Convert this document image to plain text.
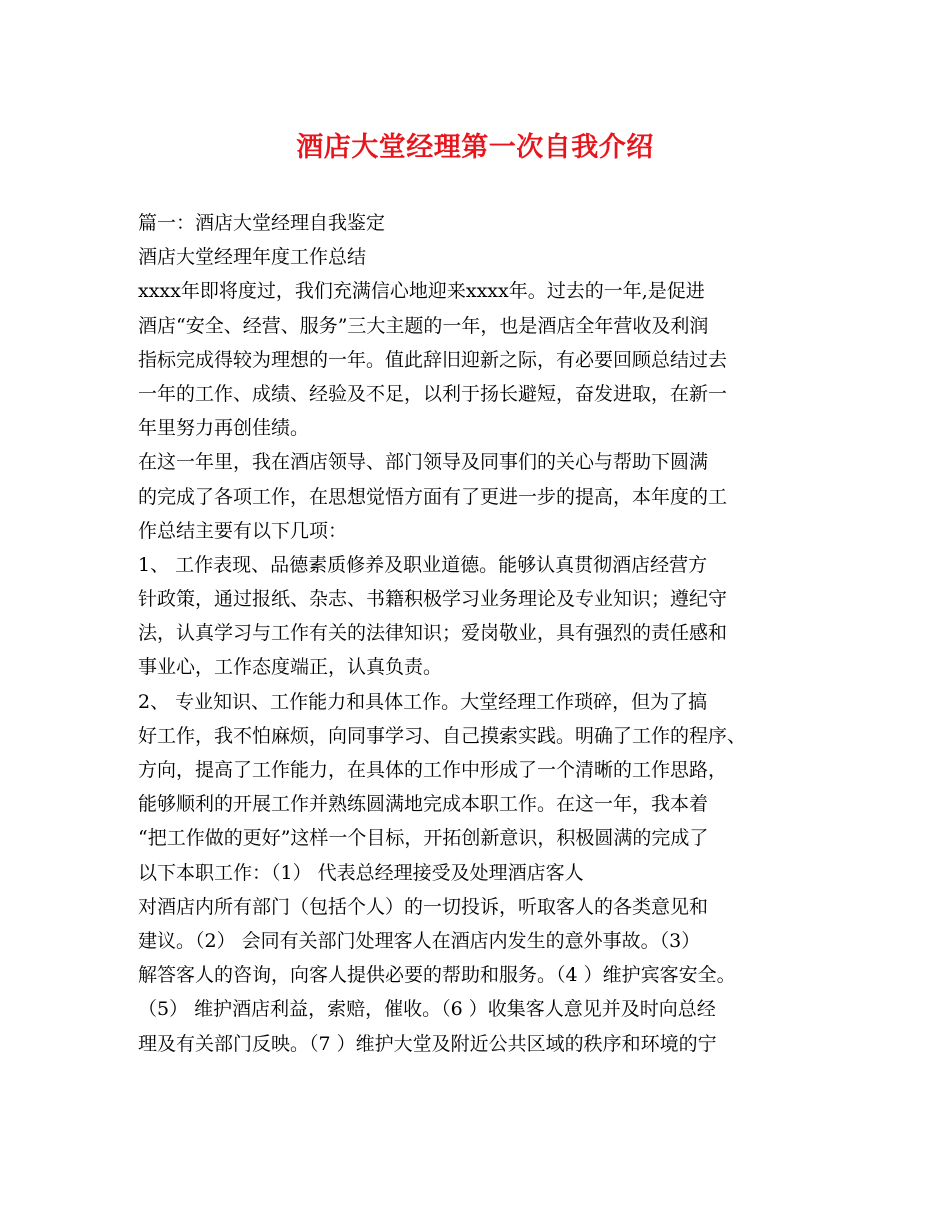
酒店大堂经理第一次自我介绍
篇一：酒店大堂经理自我鉴定
酒店大堂经理年度工作总结
xxxx年即将度过，我们充满信心地迎来xxxx年。过去的一年,是促进
酒店“安全、经营、服务”三大主题的一年，也是酒店全年营收及利润
指标完成得较为理想的一年。值此辞旧迎新之际，有必要回顾总结过去
一年的工作、成绩、经验及不足，以利于扬长避短，奋发进取，在新一
年里努力再创佳绩。
在这一年里，我在酒店领导、部门领导及同事们的关心与帮助下圆满
的完成了各项工作，在思想觉悟方面有了更进一步的提高，本年度的工
作总结主要有以下几项：
1、 工作表现、品德素质修养及职业道德。能够认真贯彻酒店经营方
针政策，通过报纸、杂志、书籍积极学习业务理论及专业知识；遵纪守
法，认真学习与工作有关的法律知识；爱岗敬业，具有强烈的责任感和
事业心，工作态度端正，认真负责。
2、 专业知识、工作能力和具体工作。大堂经理工作琐碎，但为了搞
好工作，我不怕麻烦，向同事学习、自己摸索实践。明确了工作的程序、
方向，提高了工作能力，在具体的工作中形成了一个清晰的工作思路，
能够顺利的开展工作并熟练圆满地完成本职工作。在这一年，我本着
“把工作做的更好”这样一个目标，开拓创新意识，积极圆满的完成了
以下本职工作：（1） 代表总经理接受及处理酒店客人
对酒店内所有部门（包括个人）的一切投诉，听取客人的各类意见和
建议。（2） 会同有关部门处理客人在酒店内发生的意外事故。（3）
解答客人的咨询，向客人提供必要的帮助和服务。（4 ）维护宾客安全。
（5） 维护酒店利益，索赔，催收。（6 ）收集客人意见并及时向总经
理及有关部门反映。（7 ）维护大堂及附近公共区域的秩序和环境的宁
